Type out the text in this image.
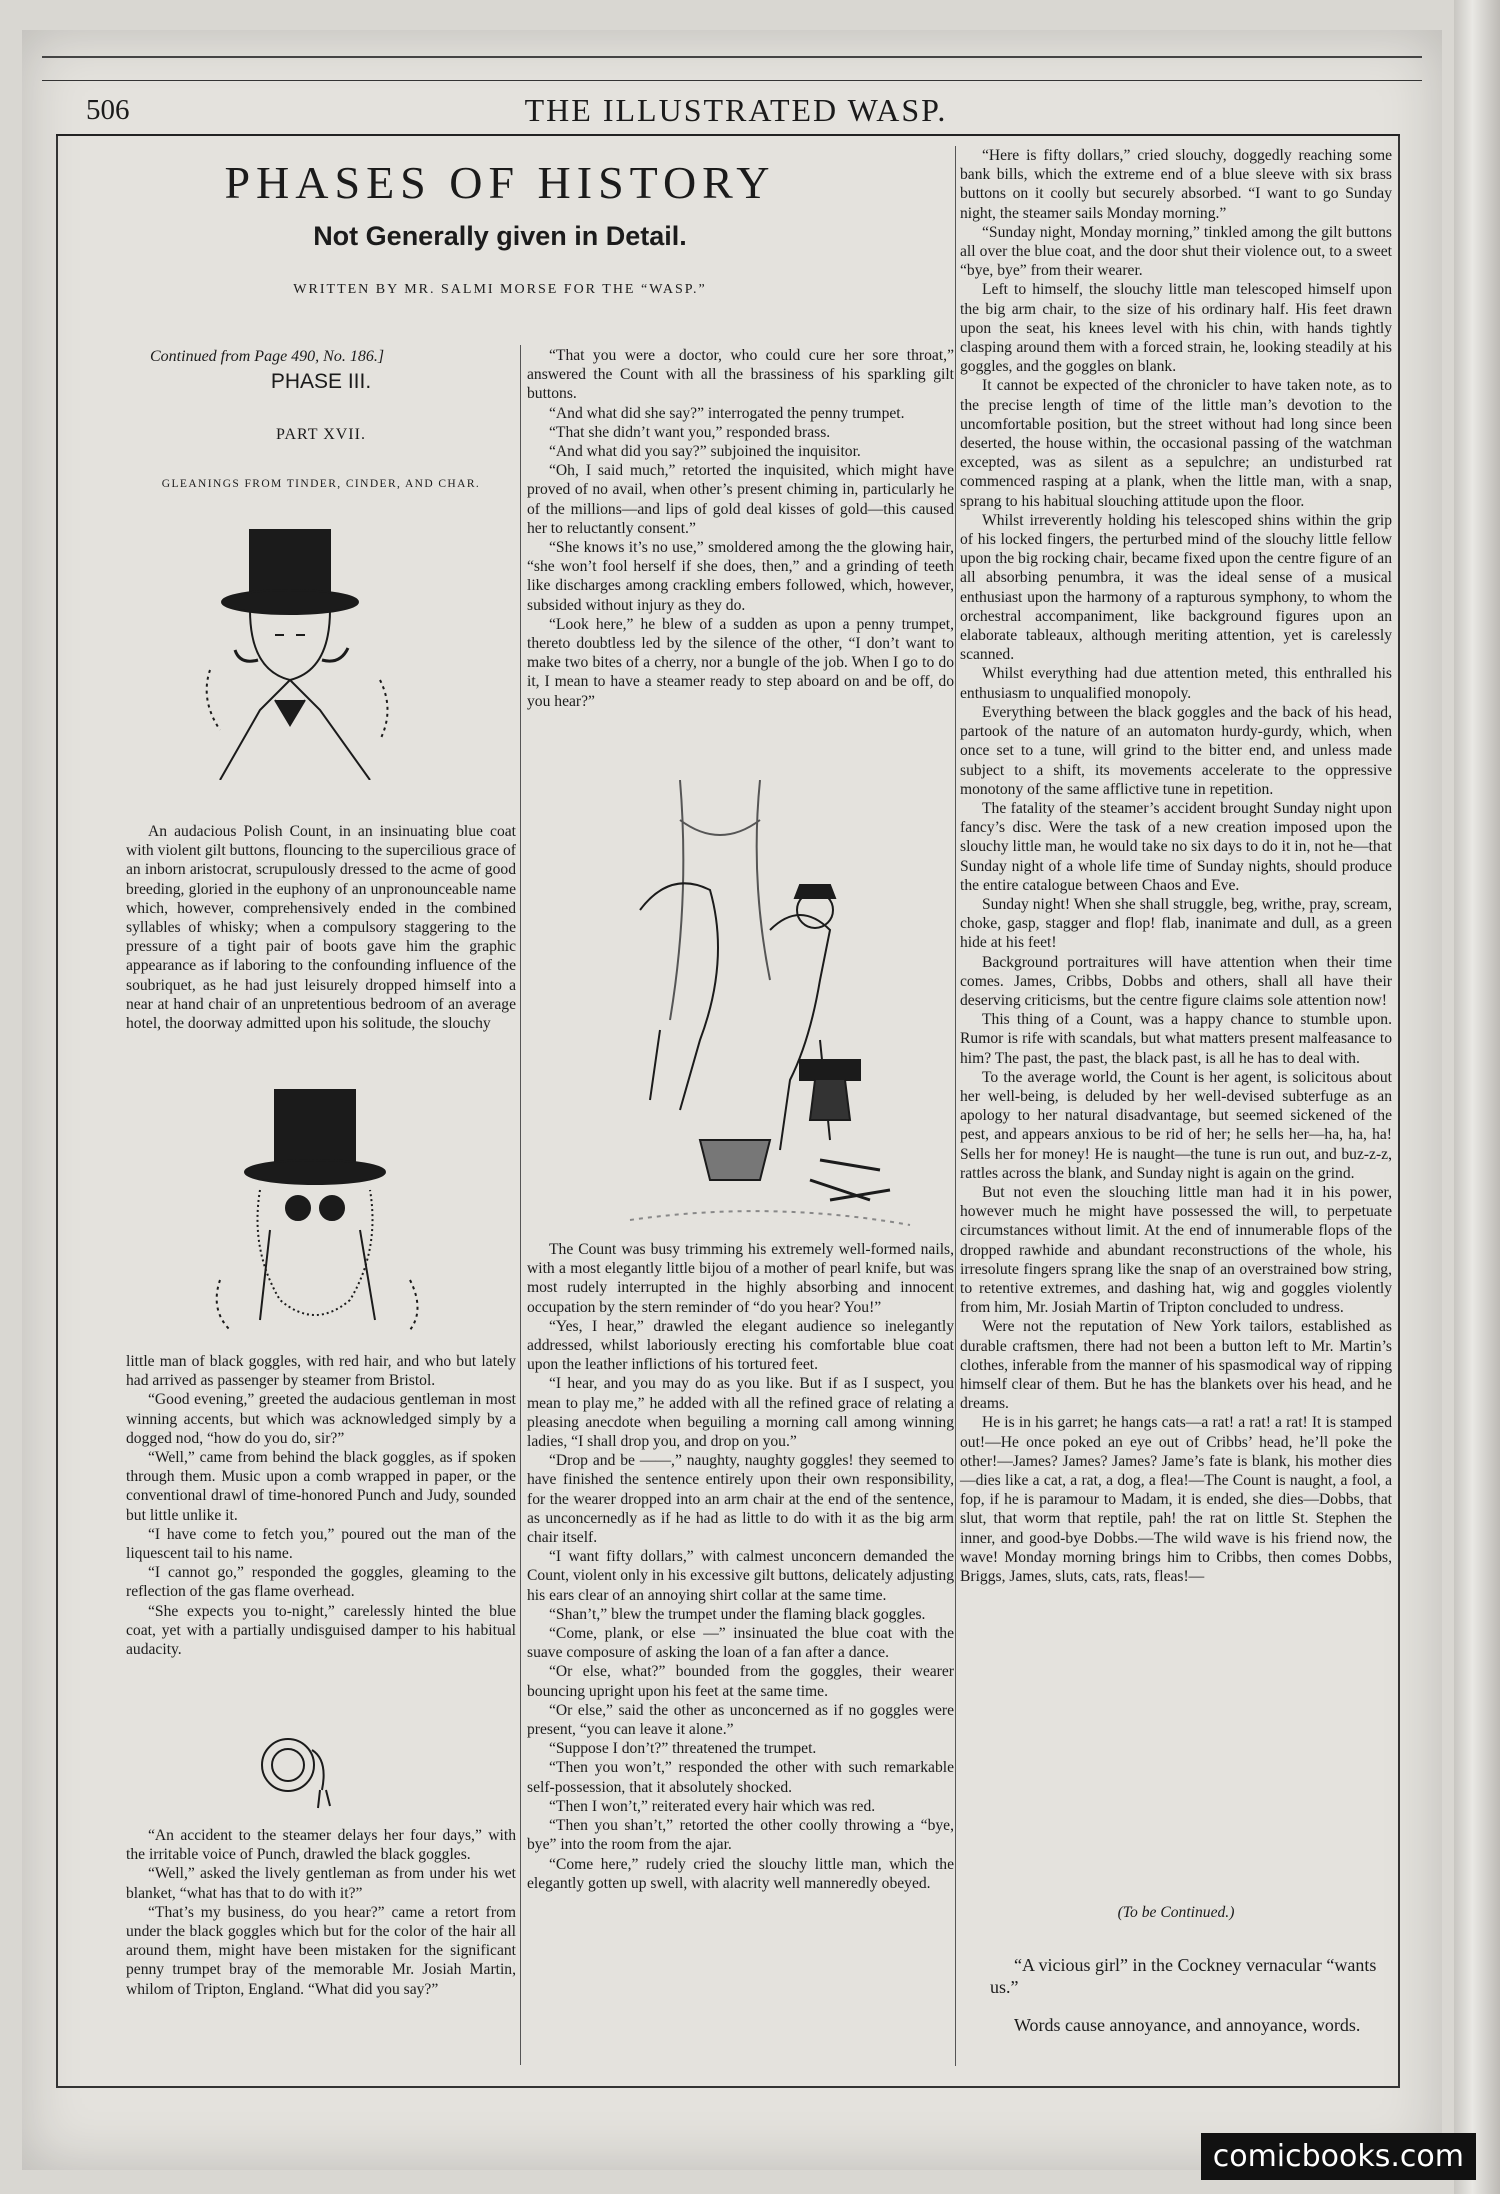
506	THE ILLUSTRATED WASP.
PHASES OF HISTORY
Not Generally given in Detail.
WRITTEN BY MR. SALMI MORSE FOR THE “WASP.”
Continued from Page 490, No. 186.]
PHASE III.
PART XVII.
GLEANINGS FROM TINDER, CINDER, AND CHAR.

An audacious Polish Count, in an insinuating blue coat with violent gilt buttons, flouncing to the supercilious grace of an inborn aristocrat, scrupulously dressed to the acme of good breeding, gloried in the euphony of an unpronounceable name which, however, comprehensively ended in the combined syllables of whisky; when a compulsory staggering to the pressure of a tight pair of boots gave him the graphic appearance as if laboring to the confounding influence of the soubriquet, as he had just leisurely dropped himself into a near at hand chair of an unpretentious bedroom of an average hotel, the doorway admitted upon his solitude, the slouchy

little man of black goggles, with red hair, and who but lately had arrived as passenger by steamer from Bristol.

“Good evening,” greeted the audacious gentleman in most winning accents, but which was acknowledged simply by a dogged nod, “how do you do, sir?”

“Well,” came from behind the black goggles, as if spoken through them. Music upon a comb wrapped in paper, or the conventional drawl of time-honored Punch and Judy, sounded but little unlike it.

“I have come to fetch you,” poured out the man of the liquescent tail to his name.

“I cannot go,” responded the goggles, gleaming to the reflection of the gas flame overhead.

“She expects you to-night,” carelessly hinted the blue coat, yet with a partially undisguised damper to his habitual audacity.

“An accident to the steamer delays her four days,” with the irritable voice of Punch, drawled the black goggles.

“Well,” asked the lively gentleman as from under his wet blanket, “what has that to do with it?”

“That’s my business, do you hear?” came a retort from under the black goggles which but for the color of the hair all around them, might have been mistaken for the significant penny trumpet bray of the memorable Mr. Josiah Martin, whilom of Tripton, England. “What did you say?”

“That you were a doctor, who could cure her sore throat,” answered the Count with all the brassiness of his sparkling gilt buttons.

“And what did she say?” interrogated the penny trumpet.

“That she didn’t want you,” responded brass.

“And what did you say?” subjoined the inquisitor.

“Oh, I said much,” retorted the inquisited, which might have proved of no avail, when other’s present chiming in, particularly he of the millions—and lips of gold deal kisses of gold—this caused her to reluctantly consent.”

“She knows it’s no use,” smoldered among the the glowing hair, “she won’t fool herself if she does, then,” and a grinding of teeth like discharges among crackling embers followed, which, however, subsided without injury as they do.

“Look here,” he blew of a sudden as upon a penny trumpet, thereto doubtless led by the silence of the other, “I don’t want to make two bites of a cherry, nor a bungle of the job. When I go to do it, I mean to have a steamer ready to step aboard on and be off, do you hear?”

The Count was busy trimming his extremely well-formed nails, with a most elegantly little bijou of a mother of pearl knife, but was most rudely interrupted in the highly absorbing and innocent occupation by the stern reminder of “do you hear? You!”

“Yes, I hear,” drawled the elegant audience so inelegantly addressed, whilst laboriously erecting his comfortable blue coat upon the leather inflictions of his tortured feet.

“I hear, and you may do as you like. But if as I suspect, you mean to play me,” he added with all the refined grace of relating a pleasing anecdote when beguiling a morning call among winning ladies, “I shall drop you, and drop on you.”

“Drop and be ——,” naughty, naughty goggles! they seemed to have finished the sentence entirely upon their own responsibility, for the wearer dropped into an arm chair at the end of the sentence, as unconcernedly as if he had as little to do with it as the big arm chair itself.

“I want fifty dollars,” with calmest unconcern demanded the Count, violent only in his excessive gilt buttons, delicately adjusting his ears clear of an annoying shirt collar at the same time.

“Shan’t,” blew the trumpet under the flaming black goggles.

“Come, plank, or else —” insinuated the blue coat with the suave composure of asking the loan of a fan after a dance.

“Or else, what?” bounded from the goggles, their wearer bouncing upright upon his feet at the same time.

“Or else,” said the other as unconcerned as if no goggles were present, “you can leave it alone.”

“Suppose I don’t?” threatened the trumpet.

“Then you won’t,” responded the other with such remarkable self-possession, that it absolutely shocked.

“Then I won’t,” reiterated every hair which was red.

“Then you shan’t,” retorted the other coolly throwing a “bye, bye” into the room from the ajar.

“Come here,” rudely cried the slouchy little man, which the elegantly gotten up swell, with alacrity well manneredly obeyed.

“Here is fifty dollars,” cried slouchy, doggedly reaching some bank bills, which the extreme end of a blue sleeve with six brass buttons on it coolly but securely absorbed. “I want to go Sunday night, the steamer sails Monday morning.”

“Sunday night, Monday morning,” tinkled among the gilt buttons all over the blue coat, and the door shut their violence out, to a sweet “bye, bye” from their wearer.

Left to himself, the slouchy little man telescoped himself upon the big arm chair, to the size of his ordinary half. His feet drawn upon the seat, his knees level with his chin, with hands tightly clasping around them with a forced strain, he, looking steadily at his goggles, and the goggles on blank.

It cannot be expected of the chronicler to have taken note, as to the precise length of time of the little man’s devotion to the uncomfortable position, but the street without had long since been deserted, the house within, the occasional passing of the watchman excepted, was as silent as a sepulchre; an undisturbed rat commenced rasping at a plank, when the little man, with a snap, sprang to his habitual slouching attitude upon the floor.

Whilst irreverently holding his telescoped shins within the grip of his locked fingers, the perturbed mind of the slouchy little fellow upon the big rocking chair, became fixed upon the centre figure of an all absorbing penumbra, it was the ideal sense of a musical enthusiast upon the harmony of a rapturous symphony, to whom the orchestral accompaniment, like background figures upon an elaborate tableaux, although meriting attention, yet is carelessly scanned.

Whilst everything had due attention meted, this enthralled his enthusiasm to unqualified monopoly.

Everything between the black goggles and the back of his head, partook of the nature of an automaton hurdy-gurdy, which, when once set to a tune, will grind to the bitter end, and unless made subject to a shift, its movements accelerate to the oppressive monotony of the same afflictive tune in repetition.

The fatality of the steamer’s accident brought Sunday night upon fancy’s disc. Were the task of a new creation imposed upon the slouchy little man, he would take no six days to do it in, not he—that Sunday night of a whole life time of Sunday nights, should produce the entire catalogue between Chaos and Eve.

Sunday night! When she shall struggle, beg, writhe, pray, scream, choke, gasp, stagger and flop! flab, inanimate and dull, as a green hide at his feet!

Background portraitures will have attention when their time comes. James, Cribbs, Dobbs and others, shall all have their deserving criticisms, but the centre figure claims sole attention now!

This thing of a Count, was a happy chance to stumble upon. Rumor is rife with scandals, but what matters present malfeasance to him? The past, the past, the black past, is all he has to deal with.

To the average world, the Count is her agent, is solicitous about her well-being, is deluded by her well-devised subterfuge as an apology to her natural disadvantage, but seemed sickened of the pest, and appears anxious to be rid of her; he sells her—ha, ha, ha! Sells her for money! He is naught—the tune is run out, and buz-z-z, rattles across the blank, and Sunday night is again on the grind.

But not even the slouching little man had it in his power, however much he might have possessed the will, to perpetuate circumstances without limit. At the end of innumerable flops of the dropped rawhide and abundant reconstructions of the whole, his irresolute fingers sprang like the snap of an overstrained bow string, to retentive extremes, and dashing hat, wig and goggles violently from him, Mr. Josiah Martin of Tripton concluded to undress.

Were not the reputation of New York tailors, established as durable craftsmen, there had not been a button left to Mr. Martin’s clothes, inferable from the manner of his spasmodical way of ripping himself clear of them. But he has the blankets over his head, and he dreams.

He is in his garret; he hangs cats—a rat! a rat! a rat! It is stamped out!—He once poked an eye out of Cribbs’ head, he’ll poke the other!—James? James? James? Jame’s fate is blank, his mother dies—dies like a cat, a rat, a dog, a flea!—The Count is naught, a fool, a fop, if he is paramour to Madam, it is ended, she dies—Dobbs, that slut, that worm that reptile, pah! the rat on little St. Stephen the inner, and good-bye Dobbs.—The wild wave is his friend now, the wave! Monday morning brings him to Cribbs, then comes Dobbs, Briggs, James, sluts, cats, rats, fleas!—

(To be Continued.)
“A vicious girl” in the Cockney vernacular “wants us.”
Words cause annoyance, and annoyance, words.
comicbooks.com
